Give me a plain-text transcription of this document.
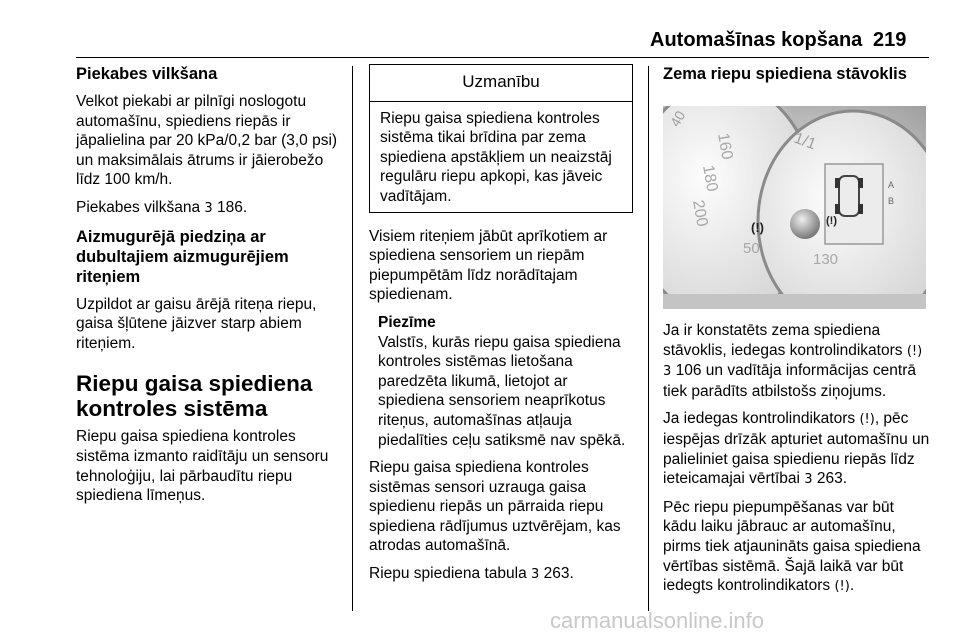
Automašīnas kopšana 219
Piekabes vilkšana

Velkot piekabi ar pilnīgi noslogotu automašīnu, spiediens riepās ir jāpalielina par 20 kPa/0,2 bar (3,0 psi) un maksimālais ātrums ir jāierobežo līdz 100 km/h.

Piekabes vilkšana 3 186.

Aizmugurējā piedziņa ar dubultajiem aizmugurējiem riteņiem

Uzpildot ar gaisu ārējā riteņa riepu, gaisa šļūtene jāizver starp abiem riteņiem.

Riepu gaisa spiediena kontroles sistēma

Riepu gaisa spiediena kontroles sistēma izmanto raidītāju un sensoru tehnoloģiju, lai pārbaudītu riepu spiediena līmeņus.

Uzmanību
Riepu gaisa spiediena kontroles sistēma tikai brīdina par zema spiediena apstākļiem un neaizstāj regulāru riepu apkopi, kas jāveic vadītājam.

Visiem riteņiem jābūt aprīkotiem ar spiediena sensoriem un riepām piepumpētām līdz norādītajam spiedienam.

Piezīme
Valstīs, kurās riepu gaisa spiediena kontroles sistēmas lietošana paredzēta likumā, lietojot ar spiediena sensoriem neaprīkotus riteņus, automašīnas atļauja piedalīties ceļu satiksmē nav spēkā.

Riepu gaisa spiediena kontroles sistēmas sensori uzrauga gaisa spiedienu riepās un pārraida riepu spiediena rādījumus uztvērējam, kas atrodas automašīnā.

Riepu spiediena tabula 3 263.

Zema riepu spiediena stāvoklis
40
160
180
200
1/1
50
130
A
B
(!)	(!)

Ja ir konstatēts zema spiediena stāvoklis, iedegas kontrolindikators (!) 3 106 un vadītāja informācijas centrā tiek parādīts atbilstošs ziņojums.

Ja iedegas kontrolindikators (!), pēc iespējas drīzāk apturiet automašīnu un palieliniet gaisa spiedienu riepās līdz ieteicamajai vērtībai 3 263.

Pēc riepu piepumpēšanas var būt kādu laiku jābrauc ar automašīnu, pirms tiek atjaunināts gaisa spiediena vērtības sistēmā. Šajā laikā var būt iedegts kontrolindikators (!).

carmanualsonline.info
